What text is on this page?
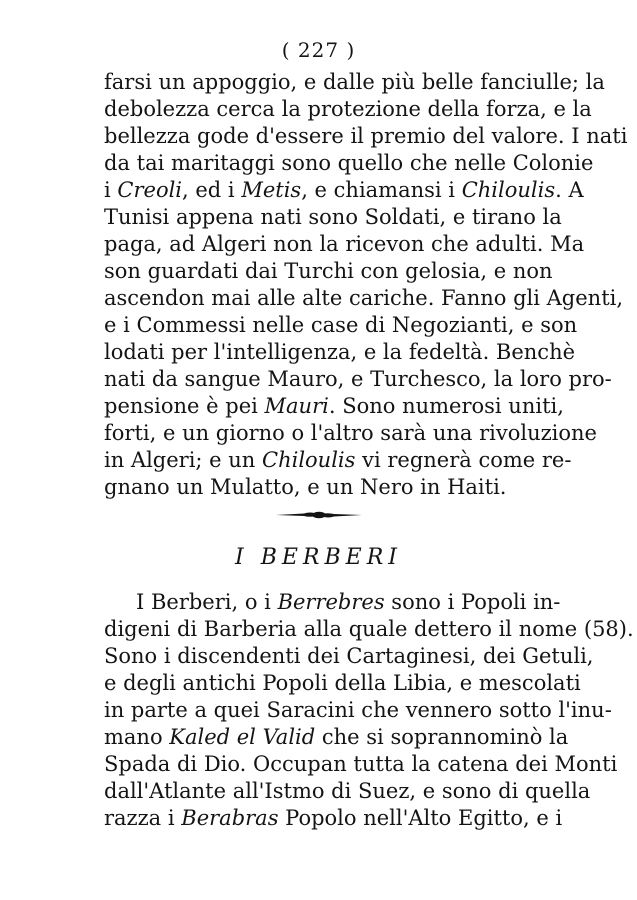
( 227 )
farsi un appoggio, e dalle più belle fanciulle; la
debolezza cerca la protezione della forza, e la
bellezza gode d'essere il premio del valore. I nati
da tai maritaggi sono quello che nelle Colonie
i Creoli, ed i Metis, e chiamansi i Chiloulis. A
Tunisi appena nati sono Soldati, e tirano la
paga, ad Algeri non la ricevon che adulti. Ma
son guardati dai Turchi con gelosia, e non
ascendon mai alle alte cariche. Fanno gli Agenti,
e i Commessi nelle case di Negozianti, e son
lodati per l'intelligenza, e la fedeltà. Benchè
nati da sangue Mauro, e Turchesco, la loro pro-
pensione è pei Mauri. Sono numerosi uniti,
forti, e un giorno o l'altro sarà una rivoluzione
in Algeri; e un Chiloulis vi regnerà come re-
gnano un Mulatto, e un Nero in Haiti.
I BERBERI
I Berberi, o i Berrebres sono i Popoli in-
digeni di Barberia alla quale dettero il nome (58).
Sono i discendenti dei Cartaginesi, dei Getuli,
e degli antichi Popoli della Libia, e mescolati
in parte a quei Saracini che vennero sotto l'inu-
mano Kaled el Valid che si soprannominò la
Spada di Dio. Occupan tutta la catena dei Monti
dall'Atlante all'Istmo di Suez, e sono di quella
razza i Berabras Popolo nell'Alto Egitto, e i
